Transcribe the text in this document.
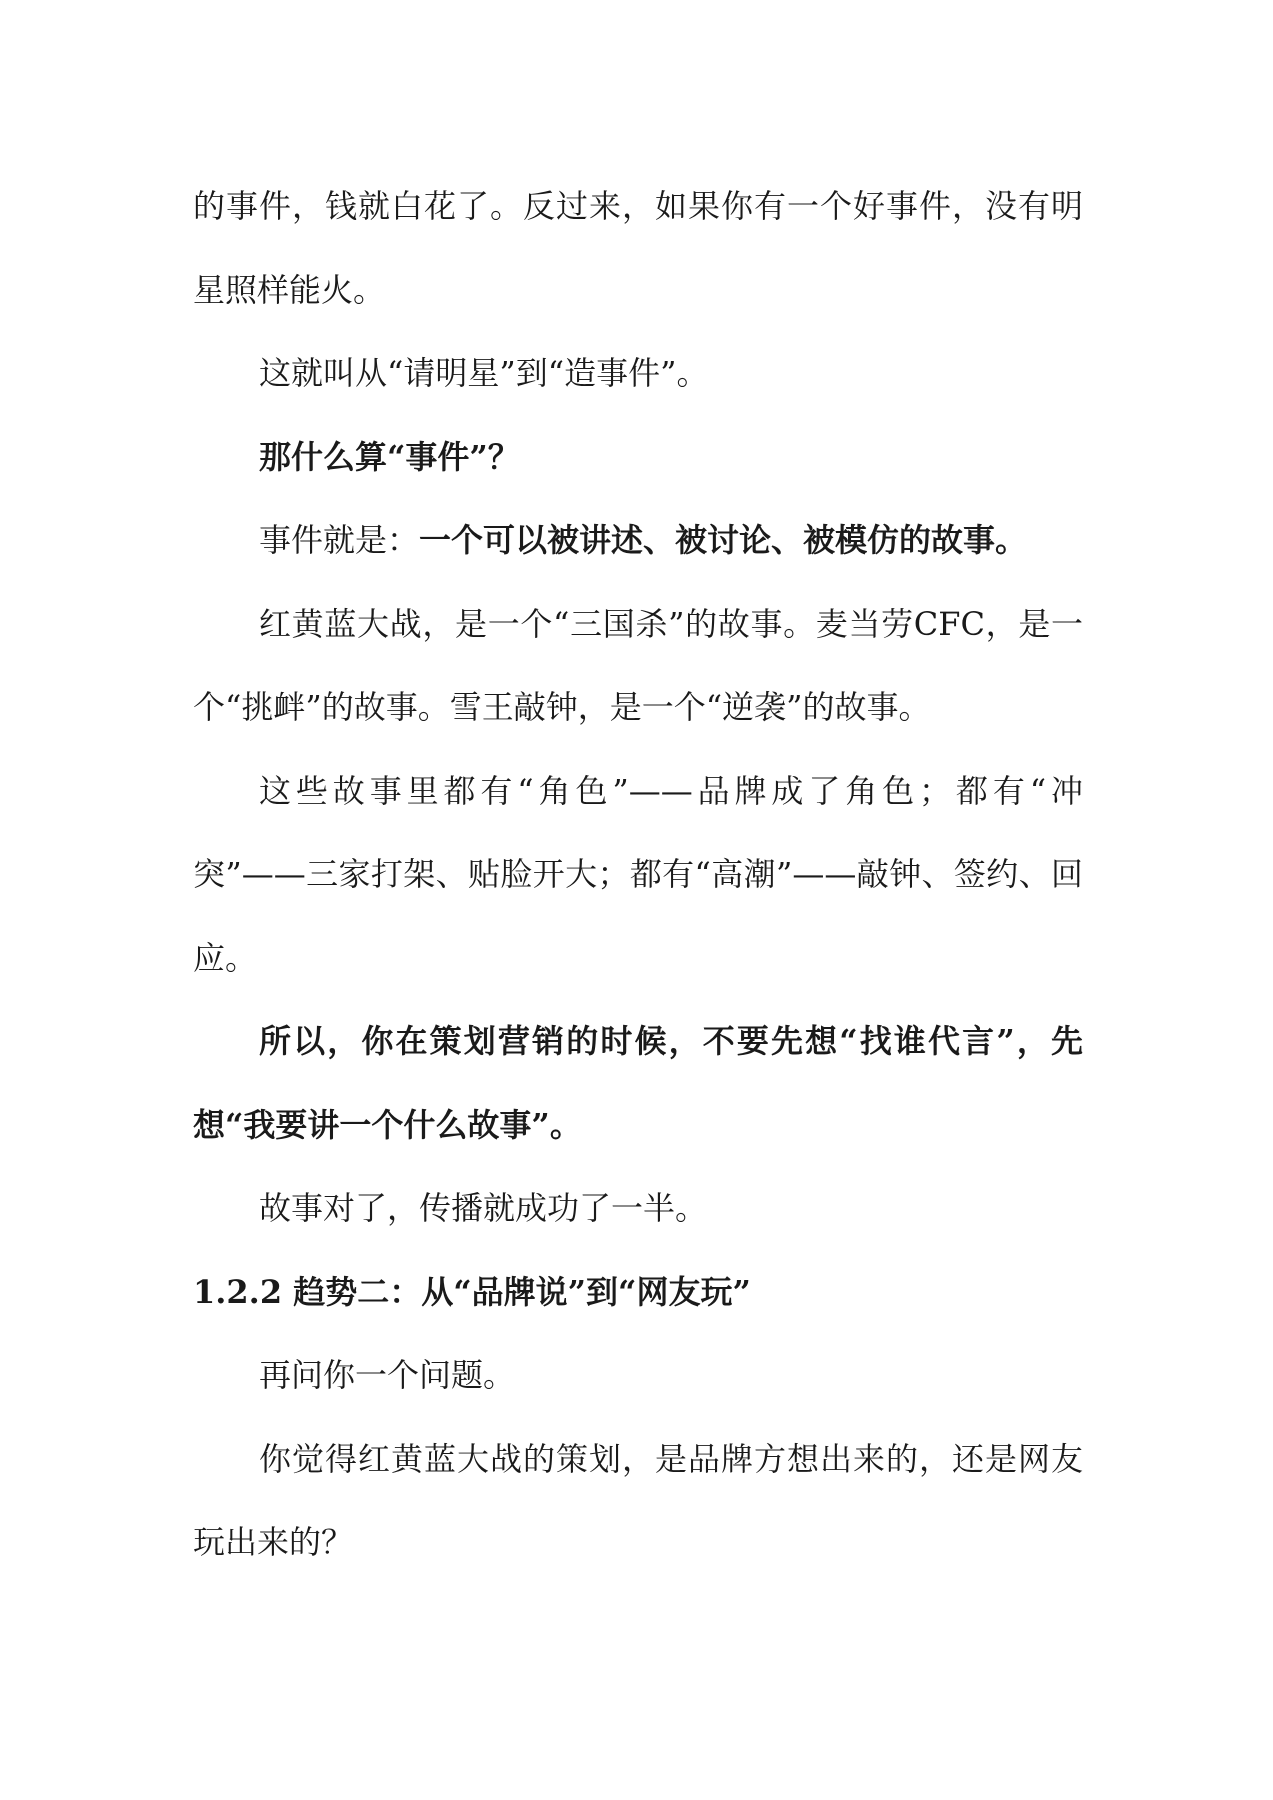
的事件，钱就白花了。反过来，如果你有一个好事件，没有明星照样能火。

这就叫从“请明星”到“造事件”。

那什么算“事件”？

事件就是：一个可以被讲述、被讨论、被模仿的故事。

红黄蓝大战，是一个“三国杀”的故事。麦当劳CFC，是一个“挑衅”的故事。雪王敲钟，是一个“逆袭”的故事。

这些故事里都有“角色”——品牌成了角色；都有“冲突”——三家打架、贴脸开大；都有“高潮”——敲钟、签约、回应。

所以，你在策划营销的时候，不要先想“找谁代言”，先想“我要讲一个什么故事”。

故事对了，传播就成功了一半。

1.2.2 趋势二：从“品牌说”到“网友玩”

再问你一个问题。

你觉得红黄蓝大战的策划，是品牌方想出来的，还是网友玩出来的？
